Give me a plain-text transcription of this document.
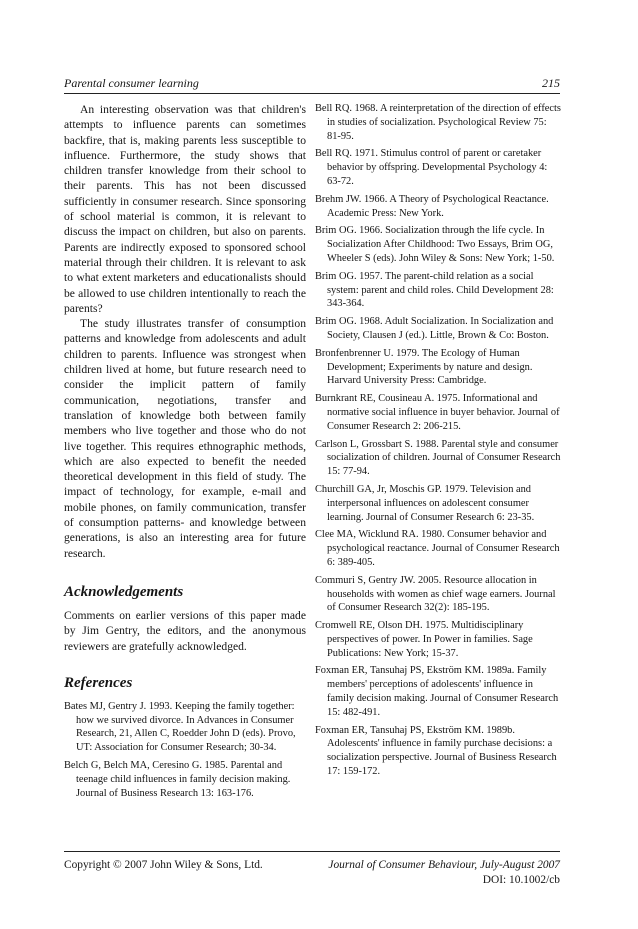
Parental consumer learning	215

An interesting observation was that children's attempts to influence parents can sometimes backfire, that is, making parents less susceptible to influence. Furthermore, the study shows that children transfer knowledge from their school to their parents. This has not been discussed sufficiently in consumer research. Since sponsoring of school material is common, it is relevant to discuss the impact on children, but also on parents. Parents are indirectly exposed to sponsored school material through their children. It is relevant to ask to what extent marketers and educationalists should be allowed to use children intentionally to reach the parents?

The study illustrates transfer of consumption patterns and knowledge from adolescents and adult children to parents. Influence was strongest when children lived at home, but future research need to consider the implicit pattern of family communication, negotiations, transfer and translation of knowledge both between family members who live together and those who do not live together. This requires ethnographic methods, which are also expected to benefit the needed theoretical development in this field of study. The impact of technology, for example, e-mail and mobile phones, on family communication, transfer of consumption patterns- and knowledge between generations, is also an interesting area for future research.

Acknowledgements

Comments on earlier versions of this paper made by Jim Gentry, the editors, and the anonymous reviewers are gratefully acknowledged.

References

Bates MJ, Gentry J. 1993. Keeping the family together: how we survived divorce. In Advances in Consumer Research, 21, Allen C, Roedder John D (eds). Provo, UT: Association for Consumer Research; 30-34.

Belch G, Belch MA, Ceresino G. 1985. Parental and teenage child influences in family decision making. Journal of Business Research 13: 163-176.

Bell RQ. 1968. A reinterpretation of the direction of effects in studies of socialization. Psychological Review 75: 81-95.

Bell RQ. 1971. Stimulus control of parent or caretaker behavior by offspring. Developmental Psychology 4: 63-72.

Brehm JW. 1966. A Theory of Psychological Reactance. Academic Press: New York.

Brim OG. 1966. Socialization through the life cycle. In Socialization After Childhood: Two Essays, Brim OG, Wheeler S (eds). John Wiley & Sons: New York; 1-50.

Brim OG. 1957. The parent-child relation as a social system: parent and child roles. Child Development 28: 343-364.

Brim OG. 1968. Adult Socialization. In Socialization and Society, Clausen J (ed.). Little, Brown & Co: Boston.

Bronfenbrenner U. 1979. The Ecology of Human Development; Experiments by nature and design. Harvard University Press: Cambridge.

Burnkrant RE, Cousineau A. 1975. Informational and normative social influence in buyer behavior. Journal of Consumer Research 2: 206-215.

Carlson L, Grossbart S. 1988. Parental style and consumer socialization of children. Journal of Consumer Research 15: 77-94.

Churchill GA, Jr, Moschis GP. 1979. Television and interpersonal influences on adolescent consumer learning. Journal of Consumer Research 6: 23-35.

Clee MA, Wicklund RA. 1980. Consumer behavior and psychological reactance. Journal of Consumer Research 6: 389-405.

Commuri S, Gentry JW. 2005. Resource allocation in households with women as chief wage earners. Journal of Consumer Research 32(2): 185-195.

Cromwell RE, Olson DH. 1975. Multidisciplinary perspectives of power. In Power in families. Sage Publications: New York; 15-37.

Foxman ER, Tansuhaj PS, Ekström KM. 1989a. Family members' perceptions of adolescents' influence in family decision making. Journal of Consumer Research 15: 482-491.

Foxman ER, Tansuhaj PS, Ekström KM. 1989b. Adolescents' influence in family purchase decisions: a socialization perspective. Journal of Business Research 17: 159-172.

Copyright © 2007 John Wiley & Sons, Ltd.	Journal of Consumer Behaviour, July-August 2007
DOI: 10.1002/cb
